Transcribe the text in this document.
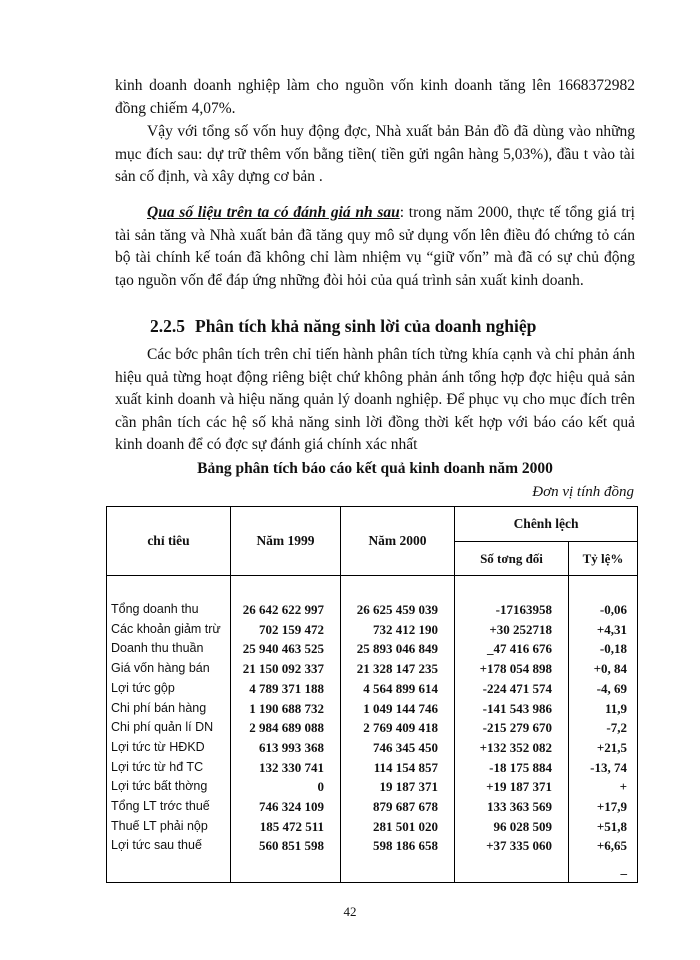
kinh doanh doanh nghiệp làm cho nguồn vốn kinh doanh tăng lên 1668372982 đồng chiếm 4,07%.

Vậy với tổng số vốn huy động đợc, Nhà xuất bản Bản đồ đã dùng vào những mục đích sau: dự trữ thêm vốn bằng tiền( tiền gửi ngân hàng 5,03%), đầu t vào tài sản cố định, và xây dựng cơ bản .

Qua số liệu trên ta có đánh giá nh sau: trong năm 2000, thực tế tổng giá trị tài sản tăng và Nhà xuất bản đã tăng quy mô sử dụng vốn lên điều đó chứng tỏ cán bộ tài chính kế toán đã không chỉ làm nhiệm vụ “giữ vốn” mà đã có sự chủ động tạo nguồn vốn để đáp ứng những đòi hỏi của quá trình sản xuất kinh doanh.

2.2.5 Phân tích khả năng sinh lời của doanh nghiệp

Các bớc phân tích trên chỉ tiến hành phân tích từng khía cạnh và chỉ phản ánh hiệu quả từng hoạt động riêng biệt chứ không phản ánh tổng hợp đợc hiệu quả sản xuất kinh doanh và hiệu năng quản lý doanh nghiệp. Để phục vụ cho mục đích trên cần phân tích các hệ số khả năng sinh lời đồng thời kết hợp với báo cáo kết quả kinh doanh để có đợc sự đánh giá chính xác nhất

Bảng phân tích báo cáo kết quả kinh doanh năm 2000

Đơn vị tính đồng

chỉ tiêu	Năm 1999	Năm 2000	Chênh lệch	
			Số tơng đối	Tỷ lệ%

Tổng doanh thu	26 642 622 997	26 625 459 039	-17163958	-0,06
Các khoản giảm trừ	702 159 472	732 412 190	+30 252718	+4,31
Doanh thu thuần	25 940 463 525	25 893 046 849	_47 416 676	-0,18
Giá vốn hàng bán	21 150 092 337	21 328 147 235	+178 054 898	+0, 84
Lợi tức gộp	4 789 371 188	4 564 899 614	-224 471 574	-4, 69
Chi phí bán hàng	1 190 688 732	1 049 144 746	-141 543 986	11,9
Chi phí quản lí DN	2 984 689 088	2 769 409 418	-215 279 670	-7,2
Lợi tức từ HĐKD	613 993 368	746 345 450	+132 352 082	+21,5
Lợi tức từ hđ TC	132 330 741	114 154 857	-18 175 884	-13, 74
Lợi tức bất thờng	0	19 187 371	+19 187 371	+
Tổng LT trớc thuế	746 324 109	879 687 678	133 363 569	+17,9
Thuế LT phải nộp	185 472 511	281 501 020	96 028 509	+51,8
Lợi tức sau thuế	560 851 598	598 186 658	+37 335 060	+6,65
				_

42
